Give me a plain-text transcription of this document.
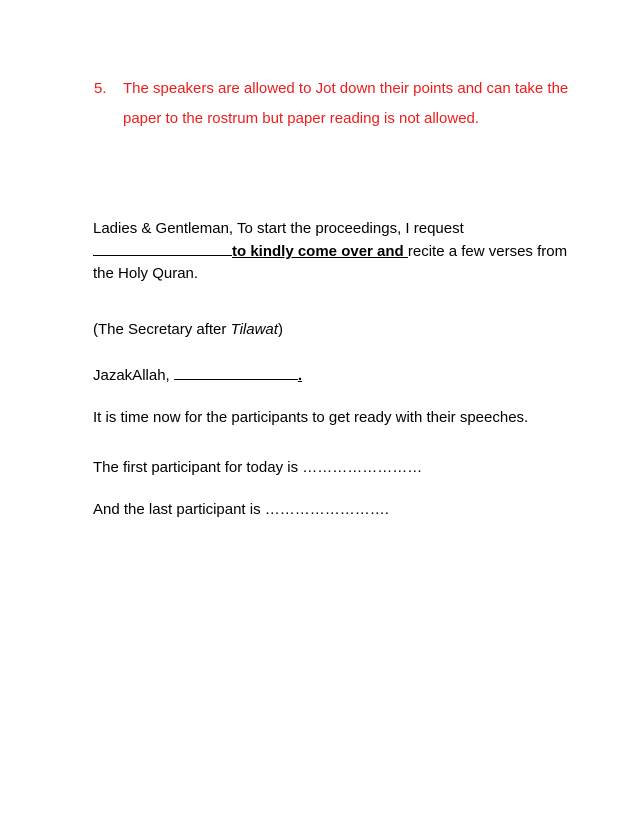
5. The speakers are allowed to Jot down their points and can take the paper to the rostrum but paper reading is not allowed.
Ladies & Gentleman, To start the proceedings, I request
to kindly come over and recite a few verses from
the Holy Quran.
(The Secretary after Tilawat)
JazakAllah,	.
It is time now for the participants to get ready with their speeches.
The first participant for today is ……………………
And the last participant is …………………….
